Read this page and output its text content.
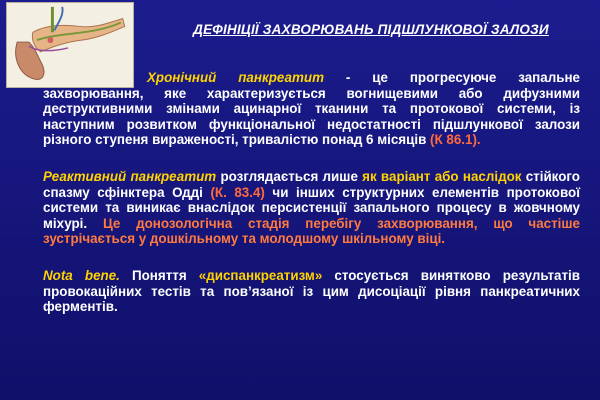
ДЕФІНІЦІЇ ЗАХВОРЮВАНЬ ПІДШЛУНКОВОЇ ЗАЛОЗИ

Хронічний панкреатит - це прогресуюче запальне захворювання, яке характеризується вогнищевими або дифузними деструктивними змінами ацинарної тканини та протокової системи, із наступним розвитком функціональної недостатності підшлункової залози різного ступеня вираженості, тривалістю понад 6 місяців (К 86.1).

Реактивний панкреатит розглядається лише як варіант або наслідок стійкого спазму сфінктера Одді (К. 83.4) чи інших структурних елементів протокової системи та виникає внаслідок персистенції запального процесу в жовчному міхурі. Це донозологічна стадія перебігу захворювання, що частіше зустрічається у дошкільному та молодшому шкільному віці.

Nota bene. Поняття «диспанкреатизм» стосується винятково результатів провокаційних тестів та пов’язаної із цим дисоціації рівня панкреатичних ферментів.
